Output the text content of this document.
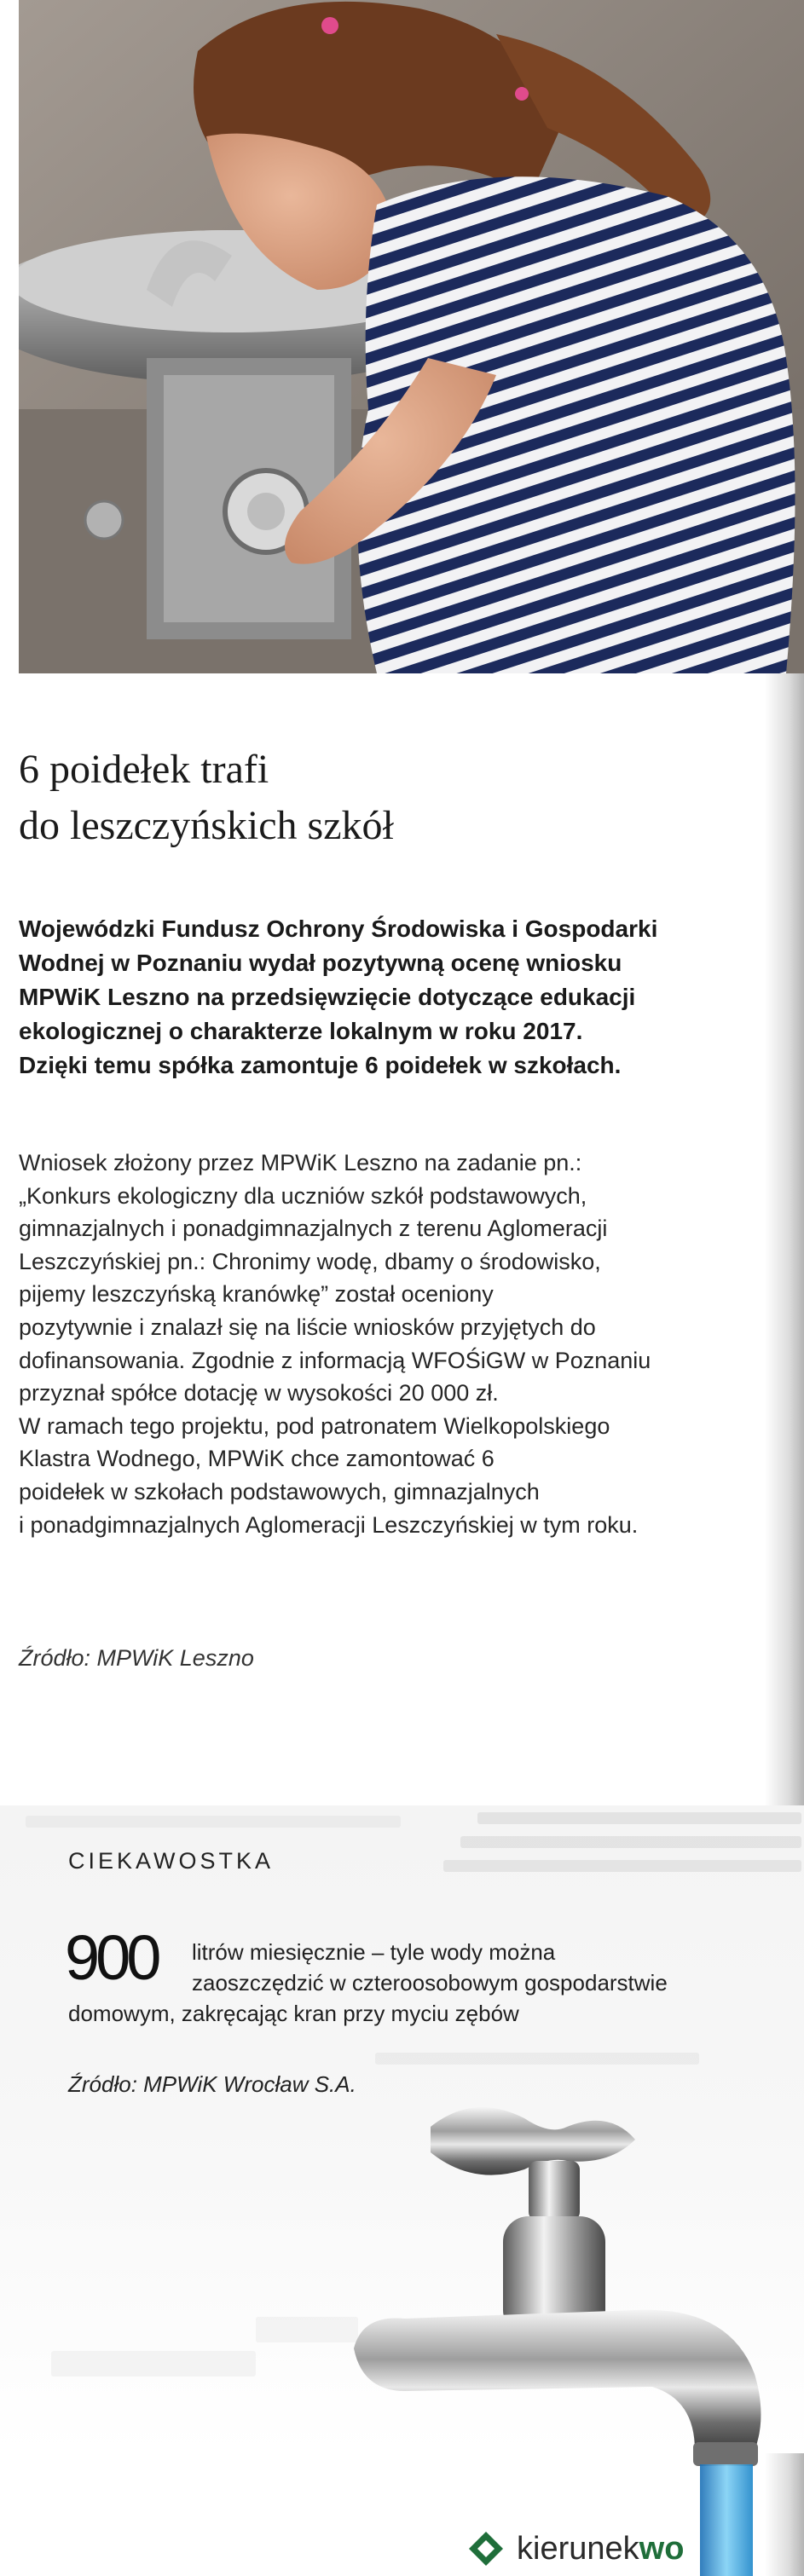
6 poidełek trafi
do leszczyńskich szkół
Wojewódzki Fundusz Ochrony Środowiska i Gospodarki
Wodnej w Poznaniu wydał pozytywną ocenę wniosku
MPWiK Leszno na przedsięwzięcie dotyczące edukacji
ekologicznej o charakterze lokalnym w roku 2017.
Dzięki temu spółka zamontuje 6 poidełek w szkołach.
Wniosek złożony przez MPWiK Leszno na zadanie pn.:
„Konkurs ekologiczny dla uczniów szkół podstawowych,
gimnazjalnych i ponadgimnazjalnych z terenu Aglomeracji
Leszczyńskiej pn.: Chronimy wodę, dbamy o środowisko,
pijemy leszczyńską kranówkę” został oceniony
pozytywnie i znalazł się na liście wniosków przyjętych do
dofinansowania. Zgodnie z informacją WFOŚiGW w Poznaniu
przyznał spółce dotację w wysokości 20 000 zł.
W ramach tego projektu, pod patronatem Wielkopolskiego
Klastra Wodnego, MPWiK chce zamontować 6
poidełek w szkołach podstawowych, gimnazjalnych
i ponadgimnazjalnych Aglomeracji Leszczyńskiej w tym roku.
Źródło: MPWiK Leszno
CIEKAWOSTKA
900	litrów miesięcznie – tyle wody można
zaoszczędzić w czteroosobowym gospodarstwie
domowym, zakręcając kran przy myciu zębów
Źródło: MPWiK Wrocław S.A.
kierunekwo
